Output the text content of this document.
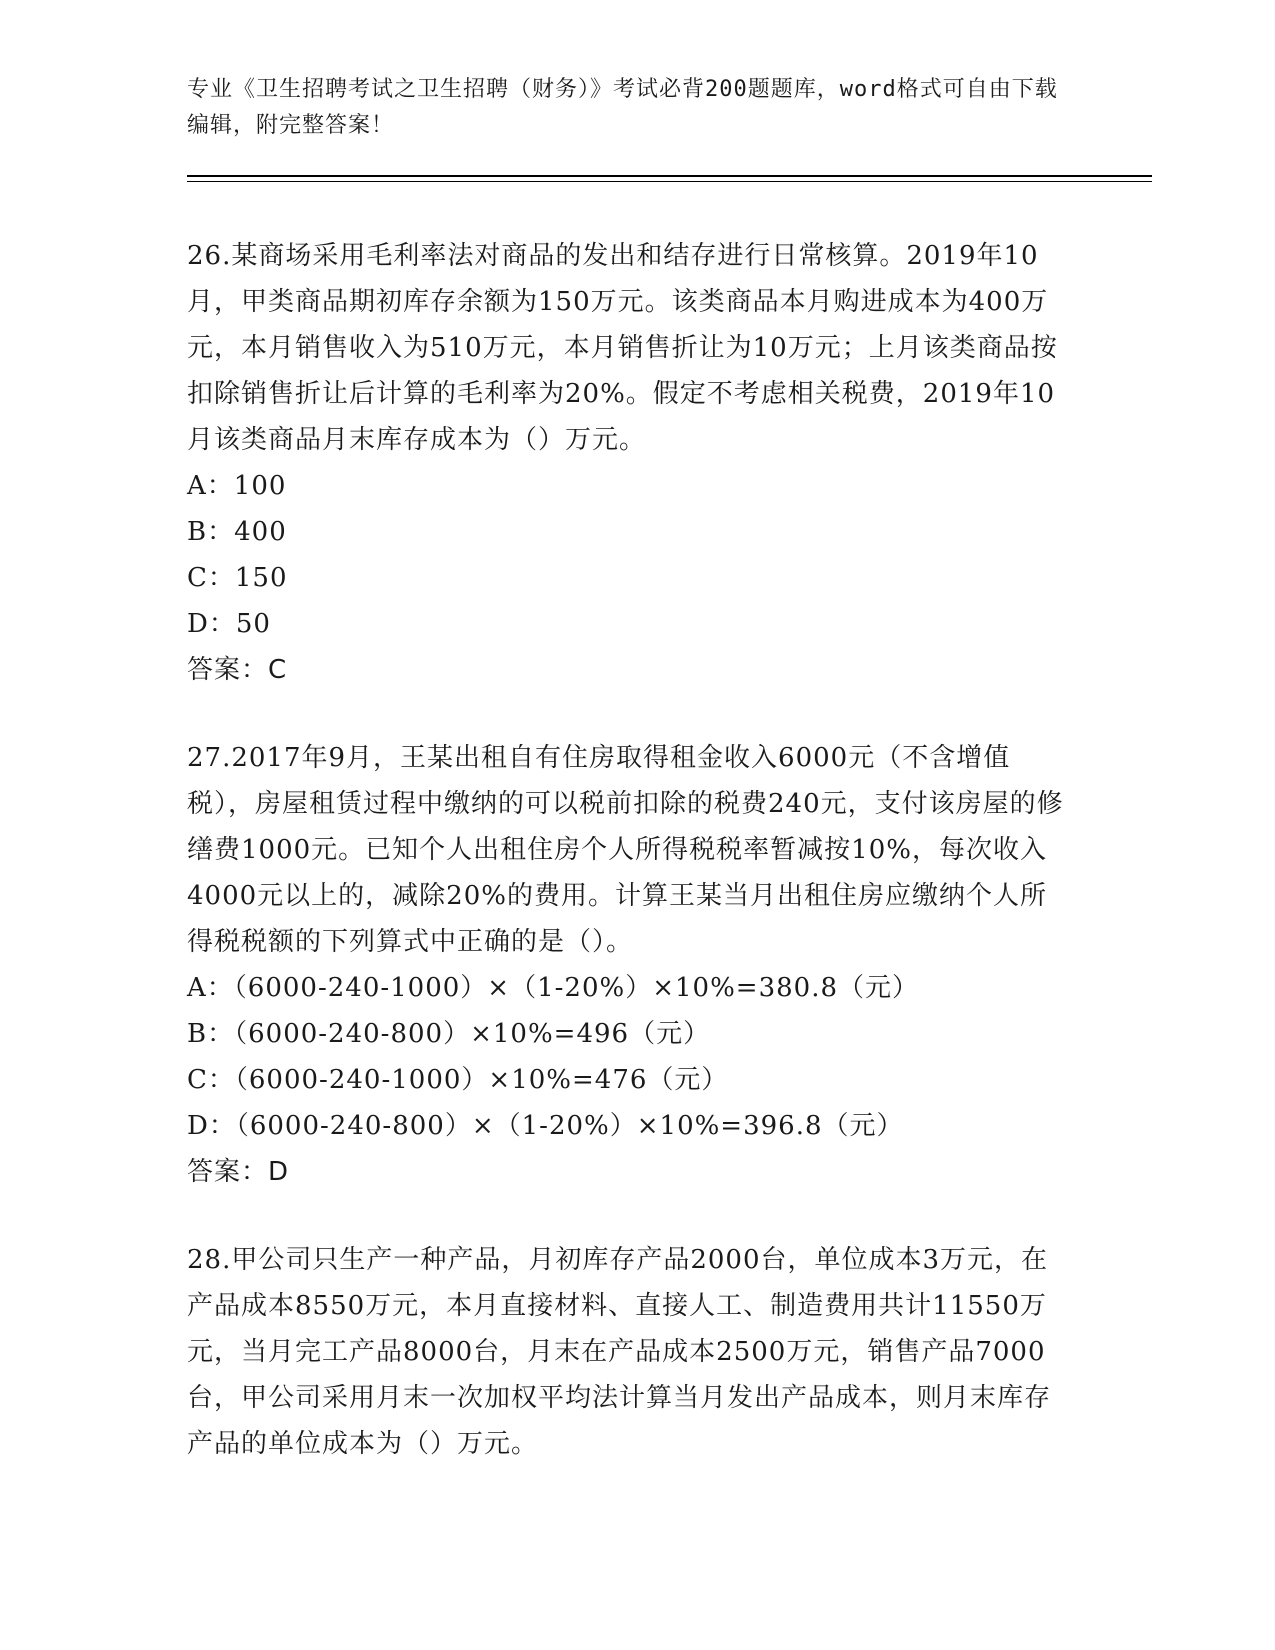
专业《卫生招聘考试之卫生招聘（财务）》考试必背200题题库，word格式可自由下载编辑，附完整答案！
26.某商场采用毛利率法对商品的发出和结存进行日常核算。2019年10月，甲类商品期初库存余额为150万元。该类商品本月购进成本为400万元，本月销售收入为510万元，本月销售折让为10万元；上月该类商品按扣除销售折让后计算的毛利率为20%。假定不考虑相关税费，2019年10月该类商品月末库存成本为（）万元。
A：100
B：400
C：150
D：50
答案：C
27.2017年9月，王某出租自有住房取得租金收入6000元（不含增值税），房屋租赁过程中缴纳的可以税前扣除的税费240元，支付该房屋的修缮费1000元。已知个人出租住房个人所得税税率暂减按10%，每次收入4000元以上的，减除20%的费用。计算王某当月出租住房应缴纳个人所得税税额的下列算式中正确的是（）。
A：（6000-240-1000）×（1-20%）×10%=380.8（元）
B：（6000-240-800）×10%=496（元）
C：（6000-240-1000）×10%=476（元）
D：（6000-240-800）×（1-20%）×10%=396.8（元）
答案：D
28.甲公司只生产一种产品，月初库存产品2000台，单位成本3万元，在产品成本8550万元，本月直接材料、直接人工、制造费用共计11550万元，当月完工产品8000台，月末在产品成本2500万元，销售产品7000台，甲公司采用月末一次加权平均法计算当月发出产品成本，则月末库存产品的单位成本为（）万元。
